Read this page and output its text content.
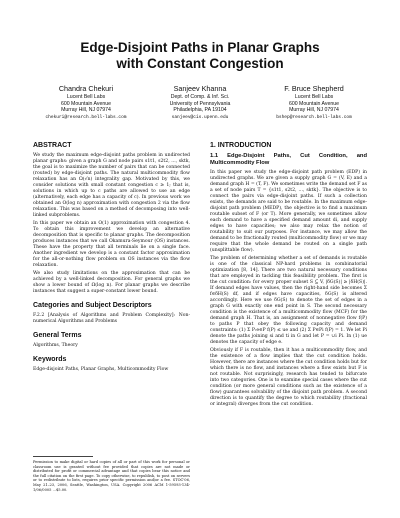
Edge-Disjoint Paths in Planar Graphs
with Constant Congestion
Chandra Chekuri
Lucent Bell Labs
600 Mountain Avenue
Murray Hill, NJ 07974
chekuri@research.bell-labs.com
Sanjeev Khanna
Dept. of Comp. & Inf. Sci.
University of Pennsylvania
Philadelphia, PA 19104
sanjeev@cis.upenn.edu
F. Bruce Shepherd
Lucent Bell Labs
600 Mountain Avenue
Murray Hill, NJ 07974
bshep@research.bell-labs.com
ABSTRACT

We study the maximum edge-disjoint paths problem in undirected planar graphs: given a graph G and node pairs s1t1, s2t2, ..., sktk, the goal is to maximize the number of pairs that can be connected (routed) by edge-disjoint paths. The natural multicommodity flow relaxation has an Ω(√n) integrality gap. Motivated by this, we consider solutions with small constant congestion c ≥ 1; that is, solutions in which up to c paths are allowed to use an edge (alternatively, each edge has a capacity of c). In previous work we obtained an O(log n) approximation with congestion 2 via the flow relaxation. This was based on a method of decomposing into well-linked subproblems.

In this paper we obtain an O(1) approximation with congestion 4. To obtain this improvement we develop an alternative decomposition that is specific to planar graphs. The decomposition produces instances that we call Okamura-Seymour (OS) instances. These have the property that all terminals lie on a single face. Another ingredient we develop is a constant factor approximation for the all-or-nothing flow problem on OS instances via the flow relaxation.

We also study limitations on the approximation that can be achieved by a well-linked decomposition. For general graphs we show a lower bound of Ω(log n). For planar graphs we describe instances that suggest a super-constant lower bound.

Categories and Subject Descriptors

F.2.2 [Analysis of Algorithms and Problem Complexity]: Non-numerical Algorithms and Problems

General Terms

Algorithms, Theory

Keywords

Edge-disjoint Paths, Planar Graphs, Multicommodity Flow

Permission to make digital or hard copies of all or part of this work for personal or classroom use is granted without fee provided that copies are not made or distributed for profit or commercial advantage and that copies bear this notice and the full citation on the first page. To copy otherwise, to republish, to post on servers or to redistribute to lists, requires prior specific permission and/or a fee. STOC'06, May 21–23, 2006, Seattle, Washington, USA. Copyright 2006 ACM 1-59593-134-1/06/0005 ...$5.00.
1. INTRODUCTION
1.1 Edge-Disjoint Paths, Cut Condition, and Multicommodity Flow

In this paper we study the edge-disjoint path problem (EDP) in undirected graphs. We are given a supply graph G = (V, E) and a demand graph H = (T, F). We sometimes write the demand set F as a set of node pairs T = {s1t1, s2t2, ..., sktk}. The objective is to connect the pairs via edge-disjoint paths. If such a collection exists, the demands are said to be routable. In the maximum edge-disjoint path problem (MEDP), the objective is to find a maximum routable subset of F (or T). More generally, we sometimes allow each demand to have a specified demand amount di, and supply edges to have capacities; we also may relax the notion of routability to suit our purposes. For instance, we may allow the demand to be fractionally routed (multicommodity flow) or we may require that the whole demand be routed on a single path (unsplittable flow).

The problem of determining whether a set of demands is routable is one of the classical NP-hard problems in combinatorial optimization [8, 14]. There are two natural necessary conditions that are employed in tackling this feasibility problem. The first is the cut condition: for every proper subset S ⊆ V, |δG(S)| ≥ |δH(S)|. If demand edges have values, then the right-hand side becomes Σ f∈δH(S) df, and if edges have capacities, δG(S) is altered accordingly. Here we use δG(S) to denote the set of edges in a graph G with exactly one end point in S. The second necessary condition is the existence of a multicommodity flow (MCF) for the demand graph H. That is, an assignment of nonnegative flow f(P) to paths P that obey the following capacity and demand constraints: (1) Σ P:e∈P f(P) ≤ ue and (2) Σ P∈Pi f(P) = 1. We let Pi denote the paths joining si and ti in G and let P = ∪i Pi. In (1) ue denotes the capacity of edge e.

Obviously if F is routable, then it has a multicommodity flow, and the existence of a flow implies that the cut condition holds. However, there are instances where the cut condition holds but for which there is no flow, and instances where a flow exists but F is not routable. Not surprisingly, research has tended to bifurcate into two categories. One is to examine special cases where the cut condition (or more general conditions such as the existence of a flow) guarantees solvability of the disjoint path problem. A second direction is to quantify the degree to which routability (fractional or integral) diverges from the cut condition.
